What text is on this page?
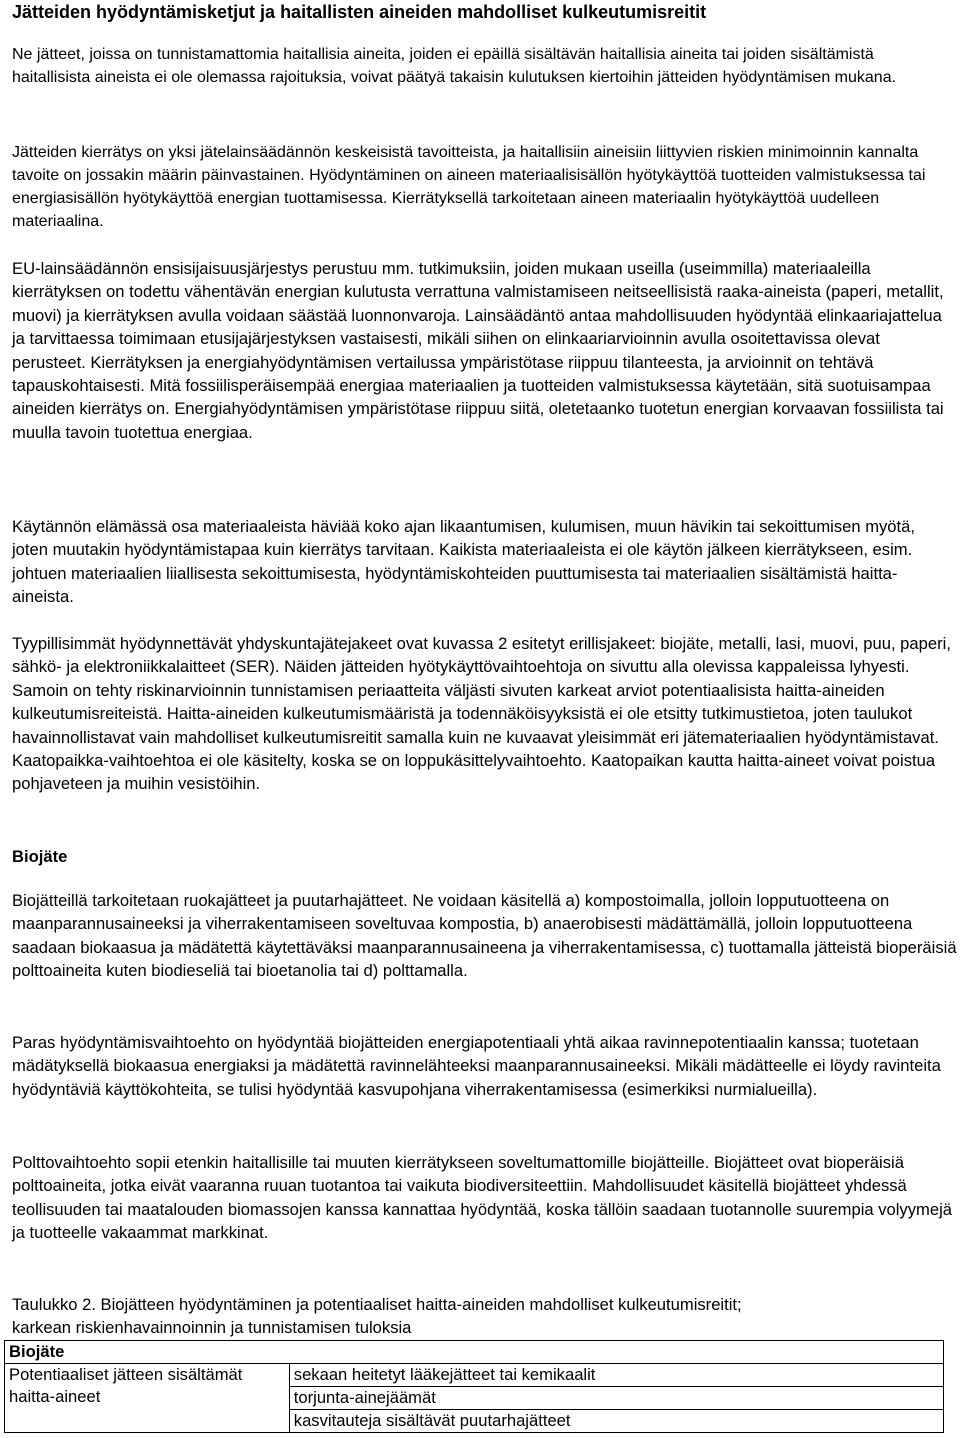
Jätteiden hyödyntämisketjut ja haitallisten aineiden mahdolliset kulkeutumisreitit

Ne jätteet, joissa on tunnistamattomia haitallisia aineita, joiden ei epäillä sisältävän haitallisia aineita tai joiden sisältämistä haitallisista aineista ei ole olemassa rajoituksia, voivat päätyä takaisin kulutuksen kiertoihin jätteiden hyödyntämisen mukana.

Jätteiden kierrätys on yksi jätelainsäädännön keskeisistä tavoitteista, ja haitallisiin aineisiin liittyvien riskien minimoinnin kannalta tavoite on jossakin määrin päinvastainen. Hyödyntäminen on aineen materiaalisisällön hyötykäyttöä tuotteiden valmistuksessa tai energiasisällön hyötykäyttöä energian tuottamisessa. Kierrätyksellä tarkoitetaan aineen materiaalin hyötykäyttöä uudelleen materiaalina.

EU-lainsäädännön ensisijaisuusjärjestys perustuu mm. tutkimuksiin, joiden mukaan useilla (useimmilla) materiaaleilla kierrätyksen on todettu vähentävän energian kulutusta verrattuna valmistamiseen neitseellisistä raaka-aineista (paperi, metallit, muovi) ja kierrätyksen avulla voidaan säästää luonnonvaroja. Lainsäädäntö antaa mahdollisuuden hyödyntää elinkaariajattelua ja tarvittaessa toimimaan etusijajärjestyksen vastaisesti, mikäli siihen on elinkaariarvioinnin avulla osoitettavissa olevat perusteet. Kierrätyksen ja energiahyödyntämisen vertailussa ympäristötase riippuu tilanteesta, ja arvioinnit on tehtävä tapauskohtaisesti. Mitä fossiilisperäisempää energiaa materiaalien ja tuotteiden valmistuksessa käytetään, sitä suotuisampaa aineiden kierrätys on. Energiahyödyntämisen ympäristötase riippuu siitä, oletetaanko tuotetun energian korvaavan fossiilista tai muulla tavoin tuotettua energiaa.

Käytännön elämässä osa materiaaleista häviää koko ajan likaantumisen, kulumisen, muun hävikin tai sekoittumisen myötä, joten muutakin hyödyntämistapaa kuin kierrätys tarvitaan. Kaikista materiaaleista ei ole käytön jälkeen kierrätykseen, esim. johtuen materiaalien liiallisesta sekoittumisesta, hyödyntämiskohteiden puuttumisesta tai materiaalien sisältämistä haitta-aineista.

Tyypillisimmät hyödynnettävät yhdyskuntajätejakeet ovat kuvassa 2 esitetyt erillisjakeet: biojäte, metalli, lasi, muovi, puu, paperi, sähkö- ja elektroniikkalaitteet (SER). Näiden jätteiden hyötykäyttövaihtoehtoja on sivuttu alla olevissa kappaleissa lyhyesti. Samoin on tehty riskinarvioinnin tunnistamisen periaatteita väljästi sivuten karkeat arviot potentiaalisista haitta-aineiden kulkeutumisreiteistä. Haitta-aineiden kulkeutumismääristä ja todennäköisyyksistä ei ole etsitty tutkimustietoa, joten taulukot havainnollistavat vain mahdolliset kulkeutumisreitit samalla kuin ne kuvaavat yleisimmät eri jätemateriaalien hyödyntämistavat. Kaatopaikka-vaihtoehtoa ei ole käsitelty, koska se on loppukäsittelyvaihtoehto. Kaatopaikan kautta haitta-aineet voivat poistua pohjaveteen ja muihin vesistöihin.

Biojäte

Biojätteillä tarkoitetaan ruokajätteet ja puutarhajätteet. Ne voidaan käsitellä a) kompostoimalla, jolloin lopputuotteena on maanparannusaineeksi ja viherrakentamiseen soveltuvaa kompostia, b) anaerobisesti mädättämällä, jolloin lopputuotteena saadaan biokaasua ja mädätettä käytettäväksi maanparannusaineena ja viherrakentamisessa, c) tuottamalla jätteistä bioperäisiä polttoaineita kuten biodieseliä tai bioetanolia tai d) polttamalla.

Paras hyödyntämisvaihtoehto on hyödyntää biojätteiden energiapotentiaali yhtä aikaa ravinnepotentiaalin kanssa; tuotetaan mädätyksellä biokaasua energiaksi ja mädätettä ravinnelähteeksi maanparannusaineeksi. Mikäli mädätteelle ei löydy ravinteita hyödyntäviä käyttökohteita, se tulisi hyödyntää kasvupohjana viherrakentamisessa (esimerkiksi nurmialueilla).

Polttovaihtoehto sopii etenkin haitallisille tai muuten kierrätykseen soveltumattomille biojätteille. Biojätteet ovat bioperäisiä polttoaineita, jotka eivät vaaranna ruuan tuotantoa tai vaikuta biodiversiteettiin. Mahdollisuudet käsitellä biojätteet yhdessä teollisuuden tai maatalouden biomassojen kanssa kannattaa hyödyntää, koska tällöin saadaan tuotannolle suurempia volyymejä ja tuotteelle vakaammat markkinat.

Taulukko 2. Biojätteen hyödyntäminen ja potentiaaliset haitta-aineiden mahdolliset kulkeutumisreitit;

karkean riskienhavainnoinnin ja tunnistamisen tuloksia

Biojäte
Potentiaaliset jätteen sisältämät haitta-aineet	sekaan heitetyt lääkejätteet tai kemikaalit
torjunta-ainejäämät
kasvitauteja sisältävät puutarhajätteet
